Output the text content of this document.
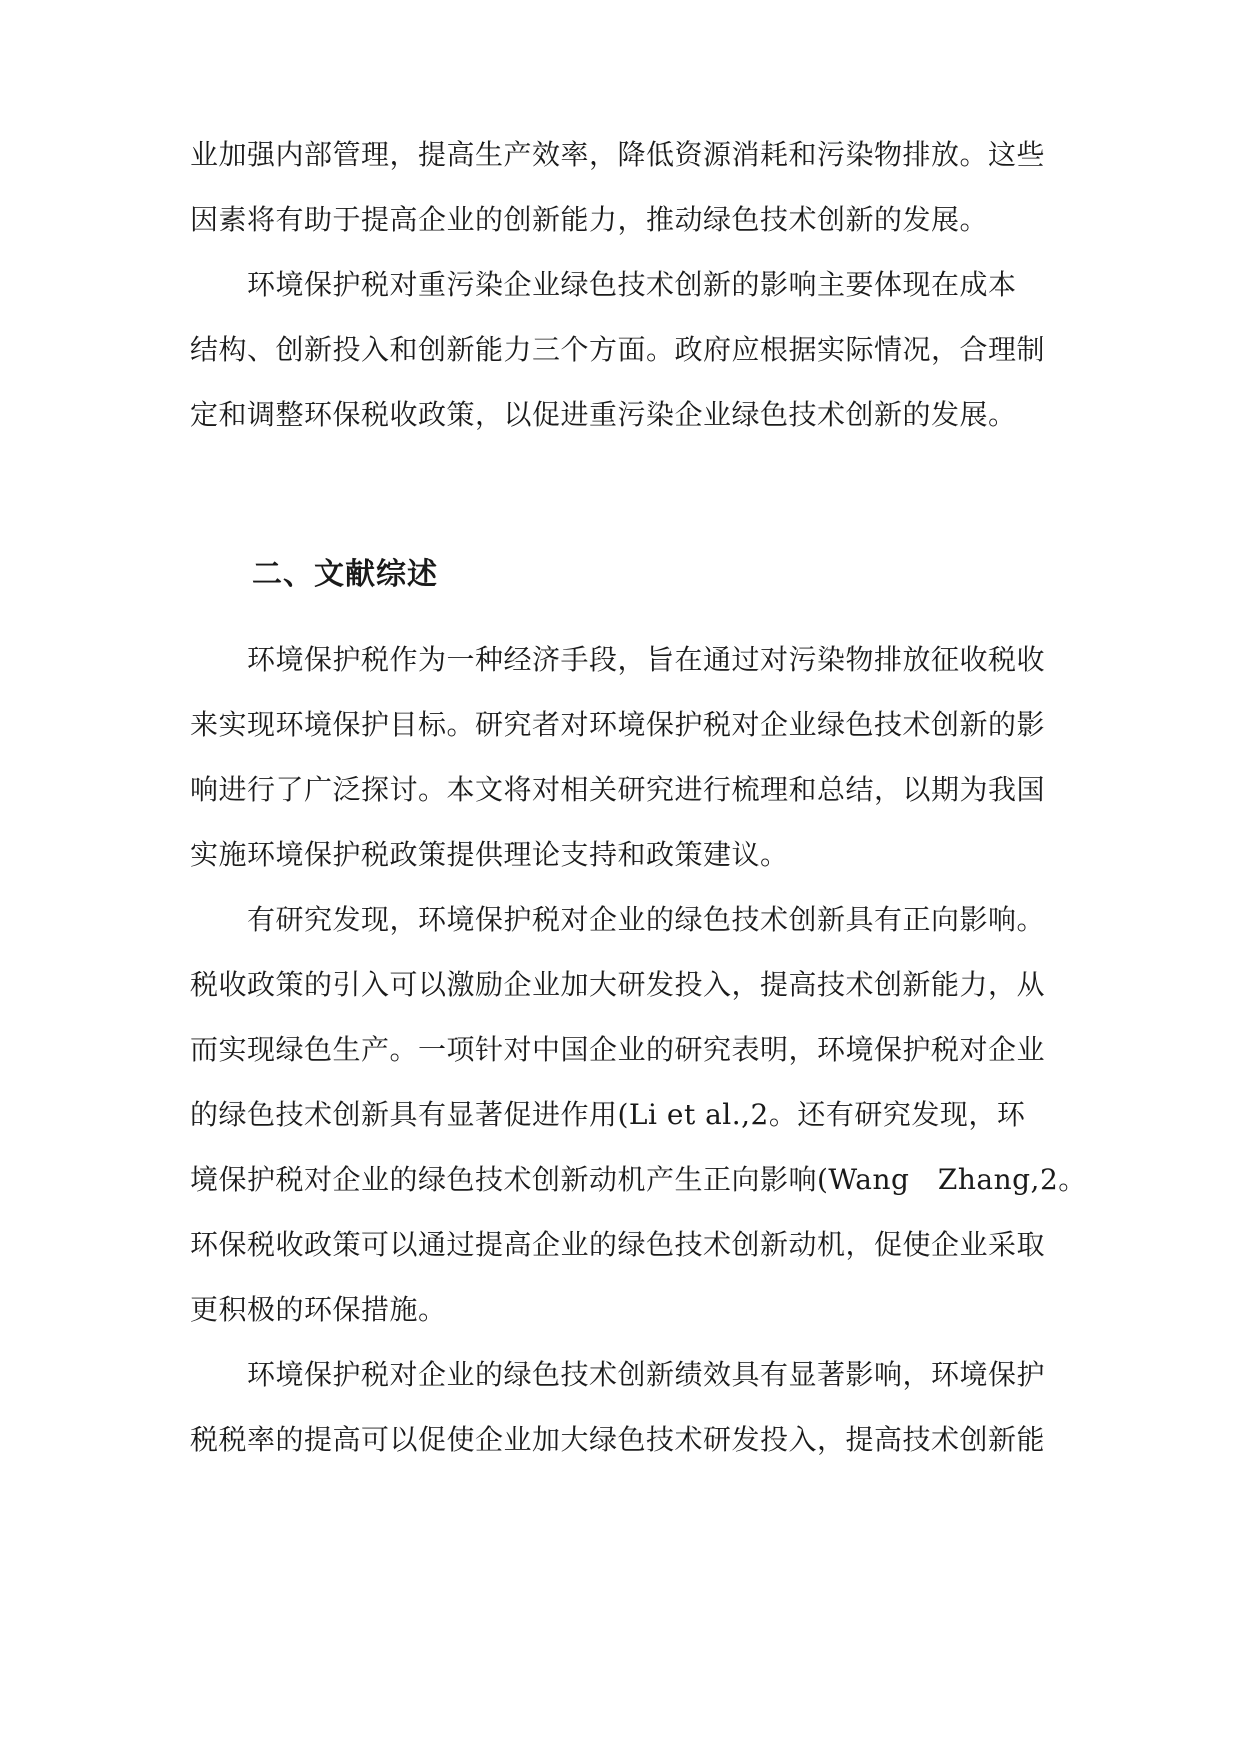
业加强内部管理，提高生产效率，降低资源消耗和污染物排放。这些
因素将有助于提高企业的创新能力，推动绿色技术创新的发展。
　　环境保护税对重污染企业绿色技术创新的影响主要体现在成本
结构、创新投入和创新能力三个方面。政府应根据实际情况，合理制
定和调整环保税收政策，以促进重污染企业绿色技术创新的发展。
二、文献综述
　　环境保护税作为一种经济手段，旨在通过对污染物排放征收税收
来实现环境保护目标。研究者对环境保护税对企业绿色技术创新的影
响进行了广泛探讨。本文将对相关研究进行梳理和总结，以期为我国
实施环境保护税政策提供理论支持和政策建议。
　　有研究发现，环境保护税对企业的绿色技术创新具有正向影响。
税收政策的引入可以激励企业加大研发投入，提高技术创新能力，从
而实现绿色生产。一项针对中国企业的研究表明，环境保护税对企业
的绿色技术创新具有显著促进作用(Li et al.,2。还有研究发现，环
境保护税对企业的绿色技术创新动机产生正向影响(Wang　Zhang,2。
环保税收政策可以通过提高企业的绿色技术创新动机，促使企业采取
更积极的环保措施。
　　环境保护税对企业的绿色技术创新绩效具有显著影响，环境保护
税税率的提高可以促使企业加大绿色技术研发投入，提高技术创新能
